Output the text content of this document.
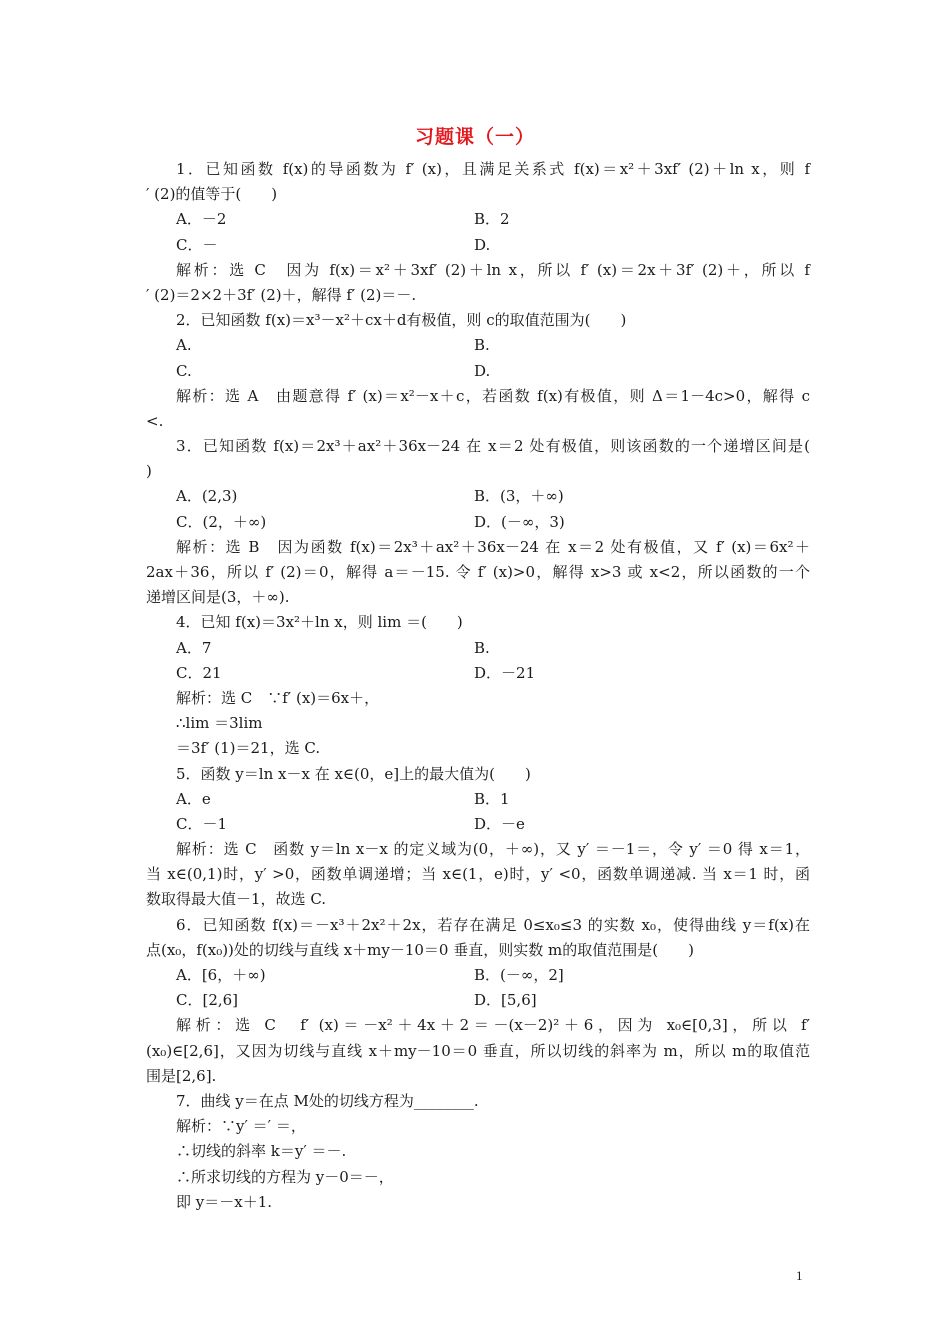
习题课（一）
1．已知函数 f(x)的导函数为 f′ (x)，且满足关系式 f(x)＝x²＋3xf′ (2)＋ln x，则 f
′ (2)的值等于(　　)
A．－2	B．2
C．－	D.
解析：选 C　因为 f(x)＝x²＋3xf′ (2)＋ln x，所以 f′ (x)＝2x＋3f′ (2)＋，所以 f
′ (2)＝2×2＋3f′ (2)＋，解得 f′ (2)＝－.
2．已知函数 f(x)＝x³－x²＋cx＋d有极值，则 c的取值范围为(　　)
A.	B.
C.	D.
解析：选 A　由题意得 f′ (x)＝x²－x＋c，若函数 f(x)有极值，则 Δ＝1－4c>0，解得 c
<.
3．已知函数 f(x)＝2x³＋ax²＋36x－24 在 x＝2 处有极值，则该函数的一个递增区间是(
)
A．(2,3)	B．(3，＋∞)
C．(2，＋∞)	D．(－∞，3)
解析：选 B　因为函数 f(x)＝2x³＋ax²＋36x－24 在 x＝2 处有极值，又 f′ (x)＝6x²＋
2ax＋36，所以 f′ (2)＝0，解得 a＝－15. 令 f′ (x)>0，解得 x>3 或 x<2，所以函数的一个
递增区间是(3，＋∞).
4．已知 f(x)＝3x²＋ln x，则 lim ＝(　　)
A．7	B.
C．21	D．－21
解析：选 C　∵f′ (x)＝6x＋，
∴lim ＝3lim
＝3f′ (1)＝21，选 C.
5．函数 y＝ln x－x 在 x∈(0，e]上的最大值为(　　)
A．e	B．1
C．－1	D．－e
解析：选 C　函数 y＝ln x－x 的定义域为(0，＋∞)，又 y′ ＝－1＝，令 y′ ＝0 得 x＝1，
当 x∈(0,1)时，y′ >0，函数单调递增；当 x∈(1，e)时，y′ <0，函数单调递减. 当 x＝1 时，函
数取得最大值－1，故选 C.
6．已知函数 f(x)＝－x³＋2x²＋2x，若存在满足 0≤x₀≤3 的实数 x₀，使得曲线 y＝f(x)在
点(x₀，f(x₀))处的切线与直线 x＋my－10＝0 垂直，则实数 m的取值范围是(　　)
A．[6，＋∞)	B．(－∞，2]
C．[2,6]	D．[5,6]
解析：选 C　f′ (x)＝－x²＋4x＋2＝－(x－2)²＋6，因为 x₀∈[0,3]，所以 f′
(x₀)∈[2,6]，又因为切线与直线 x＋my－10＝0 垂直，所以切线的斜率为 m，所以 m的取值范
围是[2,6].
7．曲线 y＝在点 M处的切线方程为________.
解析：∵y′ ＝′ ＝，
∴切线的斜率 k＝y′ ＝－.
∴所求切线的方程为 y－0＝－，
即 y＝－x＋1.
1
